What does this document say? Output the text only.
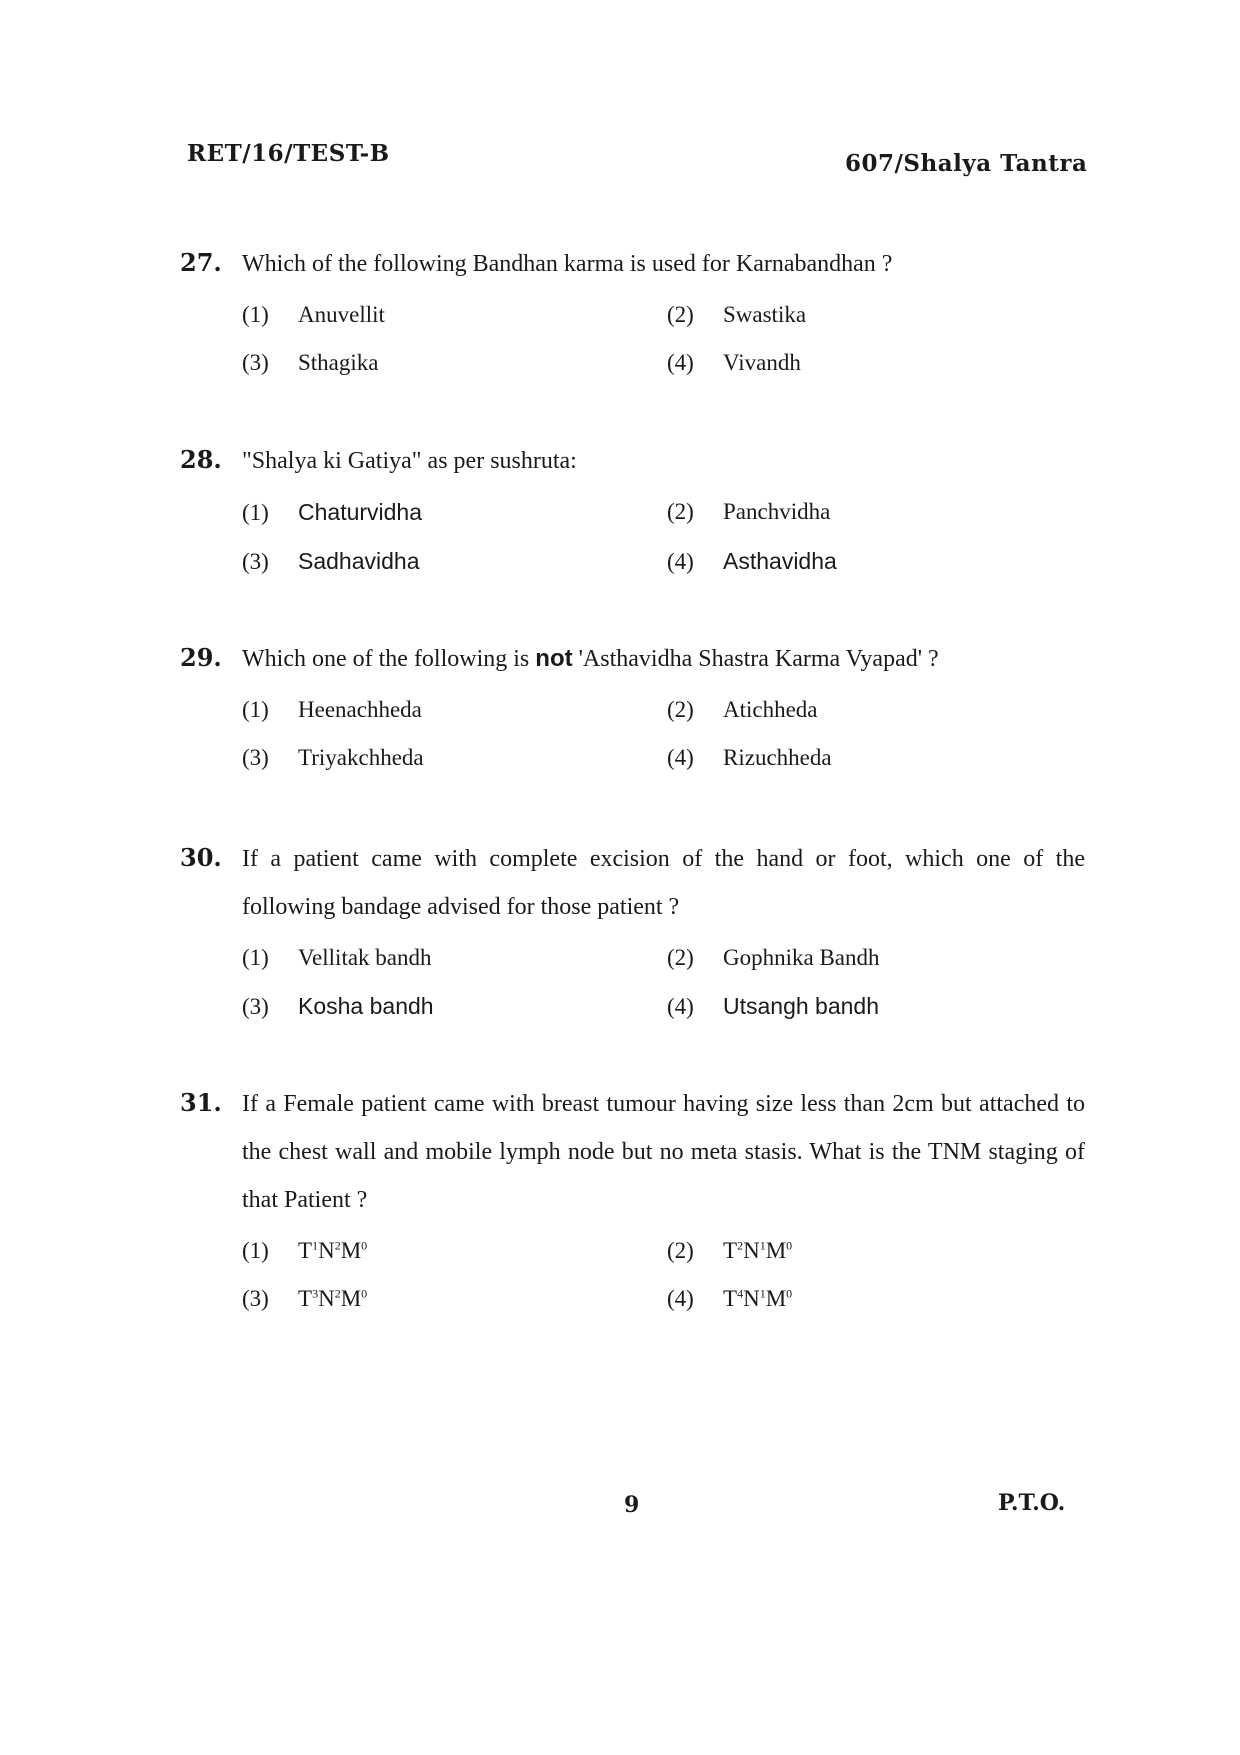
RET/16/TEST-B	607/Shalya Tantra
27. Which of the following Bandhan karma is used for Karnabandhan ?
(1)	Anuvellit	(2)	Swastika
(3)	Sthagika	(4)	Vivandh
28. "Shalya ki Gatiya" as per sushruta:
(1)	Chaturvidha	(2)	Panchvidha
(3)	Sadhavidha	(4)	Asthavidha
29. Which one of the following is not 'Asthavidha Shastra Karma Vyapad' ?
(1)	Heenachheda	(2)	Atichheda
(3)	Triyakchheda	(4)	Rizuchheda
30. If a patient came with complete excision of the hand or foot, which one of the following bandage advised for those patient ?
(1)	Vellitak bandh	(2)	Gophnika Bandh
(3)	Kosha bandh	(4)	Utsangh bandh
31. If a Female patient came with breast tumour having size less than 2cm but attached to the chest wall and mobile lymph node but no meta stasis. What is the TNM staging of that Patient ?
(1)	$T^1N^2M^0$	(2)	$T^2N^1M^0$
(3)	$T^3N^2M^0$	(4)	$T^4N^1M^0$
9	P.T.O.
